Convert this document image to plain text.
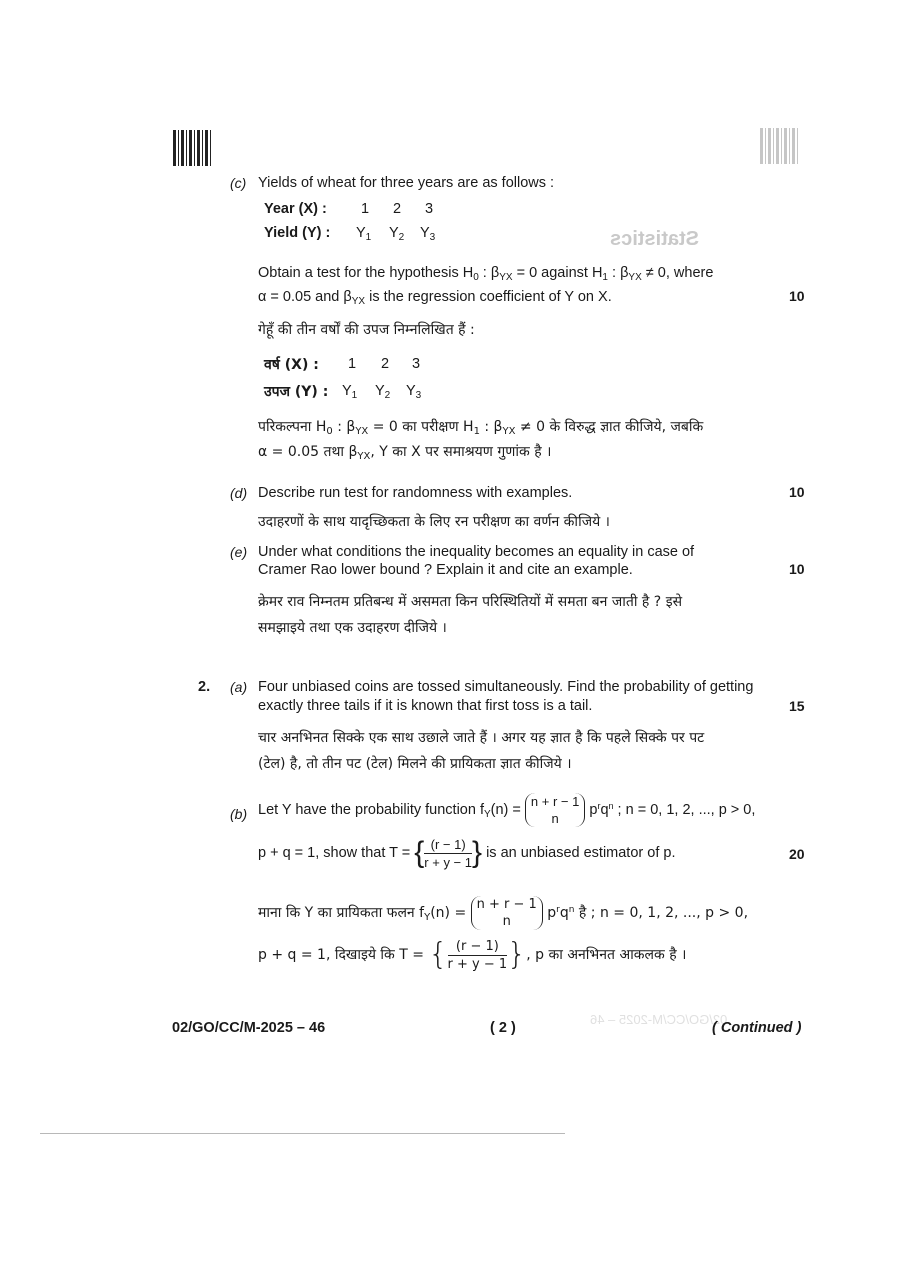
Statistics
02/GO/CC/M-2025 – 46
(c) Yields of wheat for three years are as follows :
Year (X) : 1 2 3
Yield (Y) : $Y_1$ $Y_2$ $Y_3$
Obtain a test for the hypothesis $H_0$ : $\beta_{YX} = 0$ against $H_1$ : $\beta_{YX} \ne 0$, where
α = 0.05 and $\beta_{YX}$ is the regression coefficient of Y on X.	10
गेहूँ की तीन वर्षों की उपज निम्नलिखित हैं :
वर्ष (X) : 1 2 3
उपज (Y) : $Y_1$ $Y_2$ $Y_3$
परिकल्पना $H_0$ : $\beta_{YX} = 0$ का परीक्षण $H_1$ : $\beta_{YX} \ne 0$ के विरुद्ध ज्ञात कीजिये, जबकि
α = 0.05 तथा $\beta_{YX}$, Y का X पर समाश्रयण गुणांक है ।
(d) Describe run test for randomness with examples.	10
उदाहरणों के साथ यादृच्छिकता के लिए रन परीक्षण का वर्णन कीजिये ।
(e) Under what conditions the inequality becomes an equality in case of
Cramer Rao lower bound ? Explain it and cite an example.	10
क्रेमर राव निम्नतम प्रतिबन्ध में असमता किन परिस्थितियों में समता बन जाती है ? इसे
समझाइये तथा एक उदाहरण दीजिये ।
2. (a) Four unbiased coins are tossed simultaneously. Find the probability of getting
exactly three tails if it is known that first toss is a tail.	15
चार अनभिनत सिक्के एक साथ उछाले जाते हैं । अगर यह ज्ञात है कि पहले सिक्के पर पट
(टेल) है, तो तीन पट (टेल) मिलने की प्रायिकता ज्ञात कीजिये ।
(b) Let Y have the probability function $f_Y(n) = n + r - 1$
n $p^rq^n$ ; n = 0, 1, 2, ..., p > 0,
p + q = 1, show that T = { $\frac{(r - 1)}{r + y - 1}$ } is an unbiased estimator of p.	20
माना कि Y का प्रायिकता फलन $f_Y(n) = n + r - 1$
n $p^rq^n$ है ; n = 0, 1, 2, ..., p > 0,
p + q = 1, दिखाइये कि T = { $\frac{(r - 1)}{r + y - 1}$ }, p का अनभिनत आकलक है ।
02/GO/CC/M-2025 – 46	( 2 )	( Continued )
